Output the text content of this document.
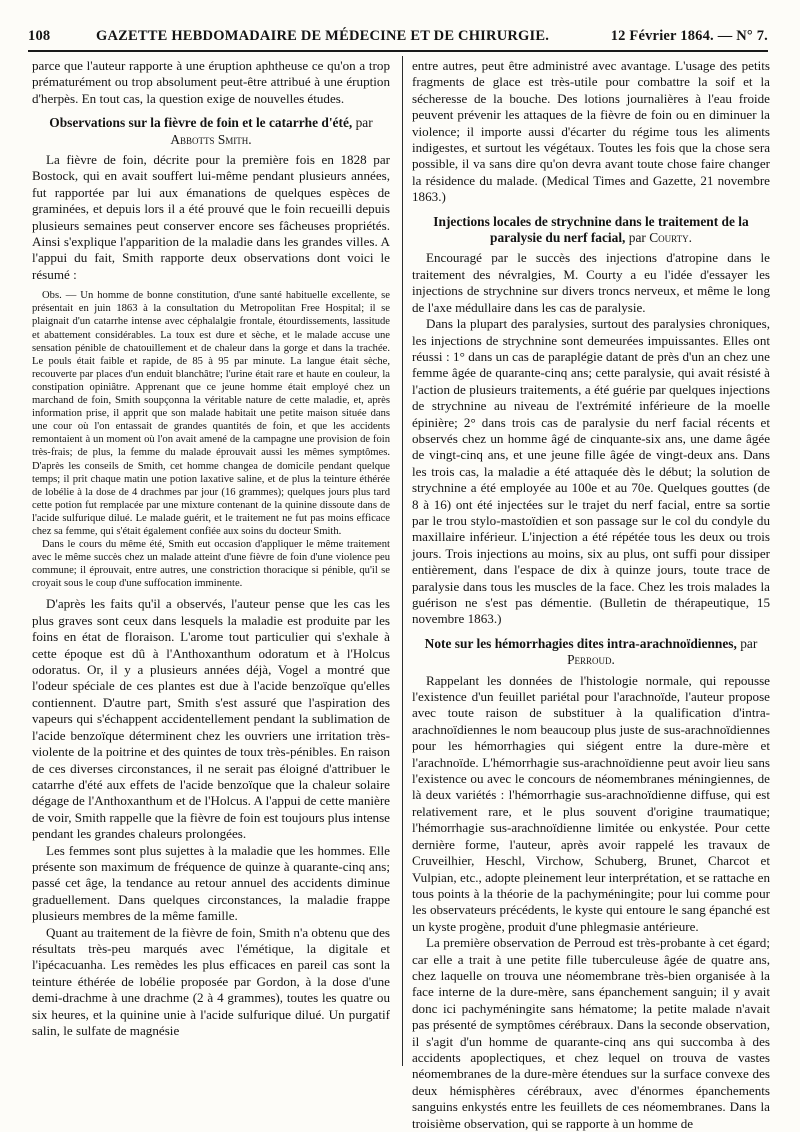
108	GAZETTE HEBDOMADAIRE DE MÉDECINE ET DE CHIRURGIE.	12 Février 1864. — N° 7.

parce que l'auteur rapporte à une éruption aphtheuse ce qu'on a trop prématurément ou trop absolument peut-être attribué à une éruption d'herpès. En tout cas, la question exige de nouvelles études.

Observations sur la fièvre de foin et le catarrhe d'été, par Abbotts Smith.

La fièvre de foin, décrite pour la première fois en 1828 par Bostock, qui en avait souffert lui-même pendant plusieurs années, fut rapportée par lui aux émanations de quelques espèces de graminées, et depuis lors il a été prouvé que le foin recueilli depuis plusieurs semaines peut conserver encore ses fâcheuses propriétés. Ainsi s'explique l'apparition de la maladie dans les grandes villes. A l'appui du fait, Smith rapporte deux observations dont voici le résumé :

Obs. — Un homme de bonne constitution, d'une santé habituelle excellente, se présentait en juin 1863 à la consultation du Metropolitan Free Hospital; il se plaignait d'un catarrhe intense avec céphalalgie frontale, étourdissements, lassitude et abattement considérables. La toux est dure et sèche, et le malade accuse une sensation pénible de chatouillement et de chaleur dans la gorge et dans la trachée. Le pouls était faible et rapide, de 85 à 95 par minute. La langue était sèche, recouverte par places d'un enduit blanchâtre; l'urine était rare et haute en couleur, la constipation opiniâtre. Apprenant que ce jeune homme était employé chez un marchand de foin, Smith soupçonna la véritable nature de cette maladie, et, après information prise, il apprit que son malade habitait une petite maison située dans une cour où l'on entassait de grandes quantités de foin, et que les accidents remontaient à un moment où l'on avait amené de la campagne une provision de foin très-frais; de plus, la femme du malade éprouvait aussi les mêmes symptômes. D'après les conseils de Smith, cet homme changea de domicile pendant quelque temps; il prit chaque matin une potion laxative saline, et de plus la teinture éthérée de lobélie à la dose de 4 drachmes par jour (16 grammes); quelques jours plus tard cette potion fut remplacée par une mixture contenant de la quinine dissoute dans de l'acide sulfurique dilué. Le malade guérit, et le traitement ne fut pas moins efficace chez sa femme, qui s'était également confiée aux soins du docteur Smith.

Dans le cours du même été, Smith eut occasion d'appliquer le même traitement avec le même succès chez un malade atteint d'une fièvre de foin d'une violence peu commune; il éprouvait, entre autres, une constriction thoracique si pénible, qu'il se croyait sous le coup d'une suffocation imminente.

D'après les faits qu'il a observés, l'auteur pense que les cas les plus graves sont ceux dans lesquels la maladie est produite par les foins en état de floraison. L'arome tout particulier qui s'exhale à cette époque est dû à l'Anthoxanthum odoratum et à l'Holcus odoratus. Or, il y a plusieurs années déjà, Vogel a montré que l'odeur spéciale de ces plantes est due à l'acide benzoïque qu'elles contiennent. D'autre part, Smith s'est assuré que l'aspiration des vapeurs qui s'échappent accidentellement pendant la sublimation de l'acide benzoïque déterminent chez les ouvriers une irritation très-violente de la poitrine et des quintes de toux très-pénibles. En raison de ces diverses circonstances, il ne serait pas éloigné d'attribuer le catarrhe d'été aux effets de l'acide benzoïque que la chaleur solaire dégage de l'Anthoxanthum et de l'Holcus. A l'appui de cette manière de voir, Smith rappelle que la fièvre de foin est toujours plus intense pendant les grandes chaleurs prolongées.

Les femmes sont plus sujettes à la maladie que les hommes. Elle présente son maximum de fréquence de quinze à quarante-cinq ans; passé cet âge, la tendance au retour annuel des accidents diminue graduellement. Dans quelques circonstances, la maladie frappe plusieurs membres de la même famille.

Quant au traitement de la fièvre de foin, Smith n'a obtenu que des résultats très-peu marqués avec l'émétique, la digitale et l'ipécacuanha. Les remèdes les plus efficaces en pareil cas sont la teinture éthérée de lobélie proposée par Gordon, à la dose d'une demi-drachme à une drachme (2 à 4 grammes), toutes les quatre ou six heures, et la quinine unie à l'acide sulfurique dilué. Un purgatif salin, le sulfate de magnésie

entre autres, peut être administré avec avantage. L'usage des petits fragments de glace est très-utile pour combattre la soif et la sécheresse de la bouche. Des lotions journalières à l'eau froide peuvent prévenir les attaques de la fièvre de foin ou en diminuer la violence; il importe aussi d'écarter du régime tous les aliments indigestes, et surtout les végétaux. Toutes les fois que la chose sera possible, il va sans dire qu'on devra avant toute chose faire changer la résidence du malade. (Medical Times and Gazette, 21 novembre 1863.)

Injections locales de strychnine dans le traitement de la paralysie du nerf facial, par Courty.

Encouragé par le succès des injections d'atropine dans le traitement des névralgies, M. Courty a eu l'idée d'essayer les injections de strychnine sur divers troncs nerveux, et même le long de l'axe médullaire dans les cas de paralysie.

Dans la plupart des paralysies, surtout des paralysies chroniques, les injections de strychnine sont demeurées impuissantes. Elles ont réussi : 1° dans un cas de paraplégie datant de près d'un an chez une femme âgée de quarante-cinq ans; cette paralysie, qui avait résisté à l'action de plusieurs traitements, a été guérie par quelques injections de strychnine au niveau de l'extrémité inférieure de la moelle épinière; 2° dans trois cas de paralysie du nerf facial récents et observés chez un homme âgé de cinquante-six ans, une dame âgée de vingt-cinq ans, et une jeune fille âgée de vingt-deux ans. Dans les trois cas, la maladie a été attaquée dès le début; la solution de strychnine a été employée au 100e et au 70e. Quelques gouttes (de 8 à 16) ont été injectées sur le trajet du nerf facial, entre sa sortie par le trou stylo-mastoïdien et son passage sur le col du condyle du maxillaire inférieur. L'injection a été répétée tous les deux ou trois jours. Trois injections au moins, six au plus, ont suffi pour dissiper entièrement, dans l'espace de dix à quinze jours, toute trace de paralysie dans tous les muscles de la face. Chez les trois malades la guérison ne s'est pas démentie. (Bulletin de thérapeutique, 15 novembre 1863.)

Note sur les hémorrhagies dites intra-arachnoïdiennes, par Perroud.

Rappelant les données de l'histologie normale, qui repousse l'existence d'un feuillet pariétal pour l'arachnoïde, l'auteur propose avec toute raison de substituer à la qualification d'intra-arachnoïdiennes le nom beaucoup plus juste de sus-arachnoïdiennes pour les hémorrhagies qui siégent entre la dure-mère et l'arachnoïde. L'hémorrhagie sus-arachnoïdienne peut avoir lieu sans l'existence ou avec le concours de néomembranes méningiennes, de là deux variétés : l'hémorrhagie sus-arachnoïdienne diffuse, qui est relativement rare, et le plus souvent d'origine traumatique; l'hémorrhagie sus-arachnoïdienne limitée ou enkystée. Pour cette dernière forme, l'auteur, après avoir rappelé les travaux de Cruveilhier, Heschl, Virchow, Schuberg, Brunet, Charcot et Vulpian, etc., adopte pleinement leur interprétation, et se rattache en tous points à la théorie de la pachyméningite; pour lui comme pour les observateurs précédents, le kyste qui entoure le sang épanché est un kyste progène, produit d'une phlegmasie antérieure.

La première observation de Perroud est très-probante à cet égard; car elle a trait à une petite fille tuberculeuse âgée de quatre ans, chez laquelle on trouva une néomembrane très-bien organisée à la face interne de la dure-mère, sans épanchement sanguin; il y avait donc ici pachyméningite sans hématome; la petite malade n'avait pas présenté de symptômes cérébraux. Dans la seconde observation, il s'agit d'un homme de quarante-cinq ans qui succomba à des accidents apoplectiques, et chez lequel on trouva de vastes néomembranes de la dure-mère étendues sur la surface convexe des deux hémisphères cérébraux, avec d'énormes épanchements sanguins enkystés entre les feuillets de ces néomembranes. Dans la troisième observation, qui se rapporte à un homme de
